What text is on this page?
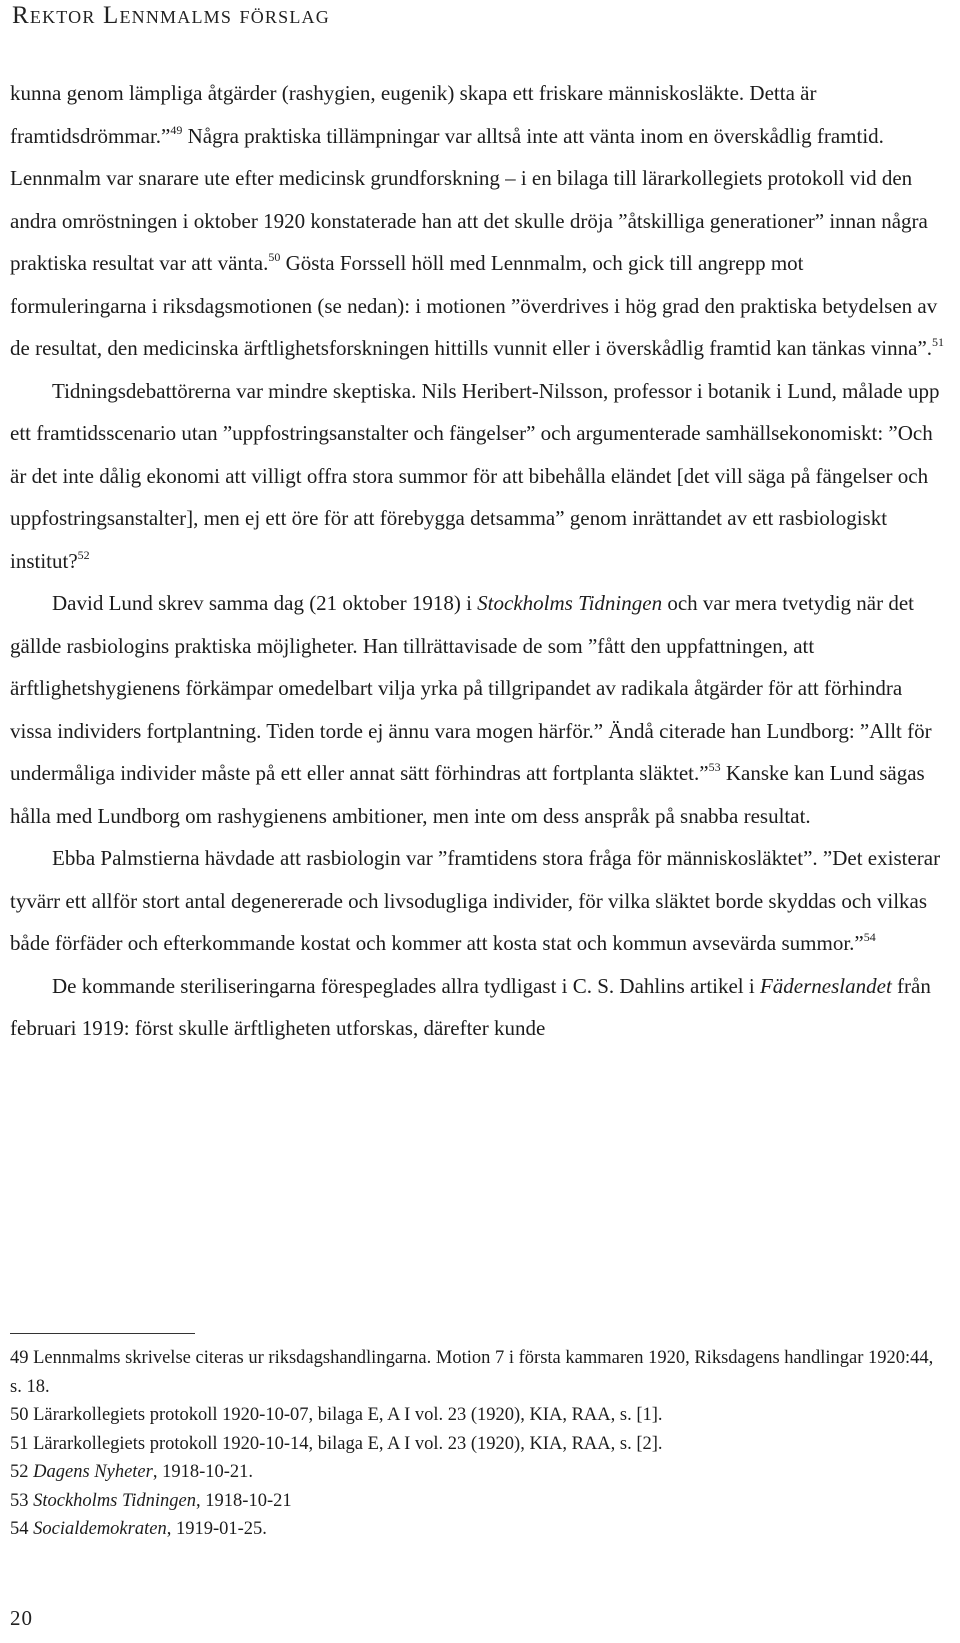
Rektor Lennmalms förslag

kunna genom lämpliga åtgärder (rashygien, eugenik) skapa ett friskare människosläkte. Detta är framtidsdrömmar.”$^{49}$ Några praktiska tillämpningar var alltså inte att vänta inom en överskådlig framtid. Lennmalm var snarare ute efter medicinsk grundforskning – i en bilaga till lärarkollegiets protokoll vid den andra omröstningen i oktober 1920 konstaterade han att det skulle dröja ”åtskilliga generationer” innan några praktiska resultat var att vänta.$^{50}$ Gösta Forssell höll med Lennmalm, och gick till angrepp mot formuleringarna i riksdagsmotionen (se nedan): i motionen ”överdrives i hög grad den praktiska betydelsen av de resultat, den medicinska ärftlighetsforskningen hittills vunnit eller i överskådlig framtid kan tänkas vinna”.$^{51}$

Tidningsdebattörerna var mindre skeptiska. Nils Heribert-Nilsson, professor i botanik i Lund, målade upp ett framtidsscenario utan ”uppfostringsanstalter och fängelser” och argumenterade samhällsekonomiskt: ”Och är det inte dålig ekonomi att villigt offra stora summor för att bibehålla eländet [det vill säga på fängelser och uppfostringsanstalter], men ej ett öre för att förebygga detsamma” genom inrättandet av ett rasbiologiskt institut?$^{52}$

David Lund skrev samma dag (21 oktober 1918) i Stockholms Tidningen och var mera tvetydig när det gällde rasbiologins praktiska möjligheter. Han tillrättavisade de som ”fått den uppfattningen, att ärftlighetshygienens förkämpar omedelbart vilja yrka på tillgripandet av radikala åtgärder för att förhindra vissa individers fortplantning. Tiden torde ej ännu vara mogen härför.” Ändå citerade han Lundborg: ”Allt för undermåliga individer måste på ett eller annat sätt förhindras att fortplanta släktet.”$^{53}$ Kanske kan Lund sägas hålla med Lundborg om rashygienens ambitioner, men inte om dess anspråk på snabba resultat.

Ebba Palmstierna hävdade att rasbiologin var ”framtidens stora fråga för människosläktet”. ”Det existerar tyvärr ett allför stort antal degenererade och livsodugliga individer, för vilka släktet borde skyddas och vilkas både förfäder och efterkommande kostat och kommer att kosta stat och kommun avsevärda summor.”$^{54}$

De kommande steriliseringarna förespeglades allra tydligast i C. S. Dahlins artikel i Fäderneslandet från februari 1919: först skulle ärftligheten utforskas, därefter kunde

49 Lennmalms skrivelse citeras ur riksdagshandlingarna. Motion 7 i första kammaren 1920, Riksdagens handlingar 1920:44, s. 18.

50 Lärarkollegiets protokoll 1920-10-07, bilaga E, A I vol. 23 (1920), KIA, RAA, s. [1].

51 Lärarkollegiets protokoll 1920-10-14, bilaga E, A I vol. 23 (1920), KIA, RAA, s. [2].

52 Dagens Nyheter, 1918-10-21.

53 Stockholms Tidningen, 1918-10-21

54 Socialdemokraten, 1919-01-25.

20
